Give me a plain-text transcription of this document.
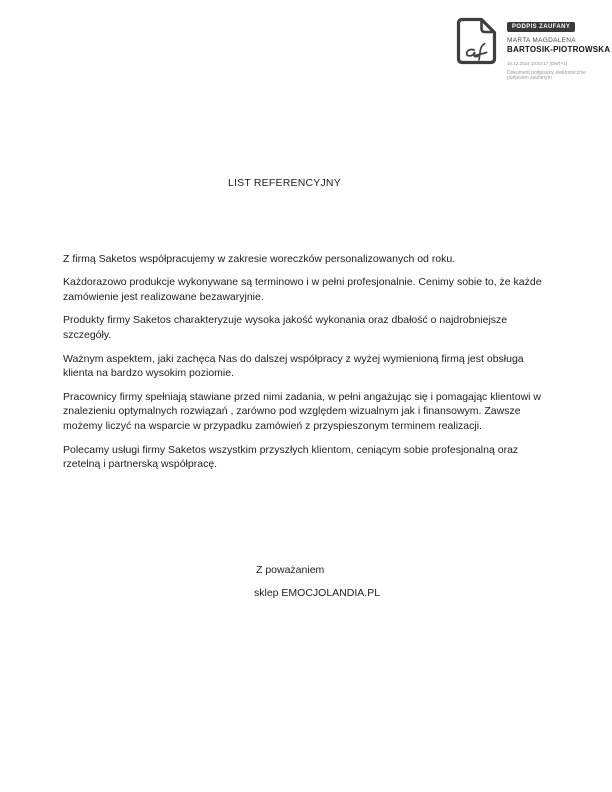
PODPIS ZAUFANY
MARTA MAGDALENA
BARTOSIK-PIOTROWSKA
10.12.2024 10:52:17 [GMT+1]
Dokument podpisany elektronicznie
podpisem zaufanym
LIST REFERENCYJNY

Z firmą Saketos współpracujemy w zakresie woreczków personalizowanych od roku.

Każdorazowo produkcje wykonywane są terminowo i w pełni profesjonalnie. Cenimy sobie to, że każde zamówienie jest realizowane bezawaryjnie.

Produkty firmy Saketos charakteryzuje wysoka jakość wykonania oraz dbałość o najdrobniejsze szczegóły.

Ważnym aspektem, jaki zachęca Nas do dalszej współpracy z wyżej wymienioną firmą jest obsługa klienta na bardzo wysokim poziomie.

Pracownicy firmy spełniają stawiane przed nimi zadania, w pełni angażując się i pomagając klientowi w znalezieniu optymalnych rozwiązań , zarówno pod względem wizualnym jak i finansowym. Zawsze możemy liczyć na wsparcie w przypadku zamówień z przyspieszonym terminem realizacji.

Polecamy usługi firmy Saketos wszystkim przyszłych klientom, ceniącym sobie profesjonalną oraz rzetelną i partnerską współpracę.

Z poważaniem

sklep EMOCJOLANDIA.PL
